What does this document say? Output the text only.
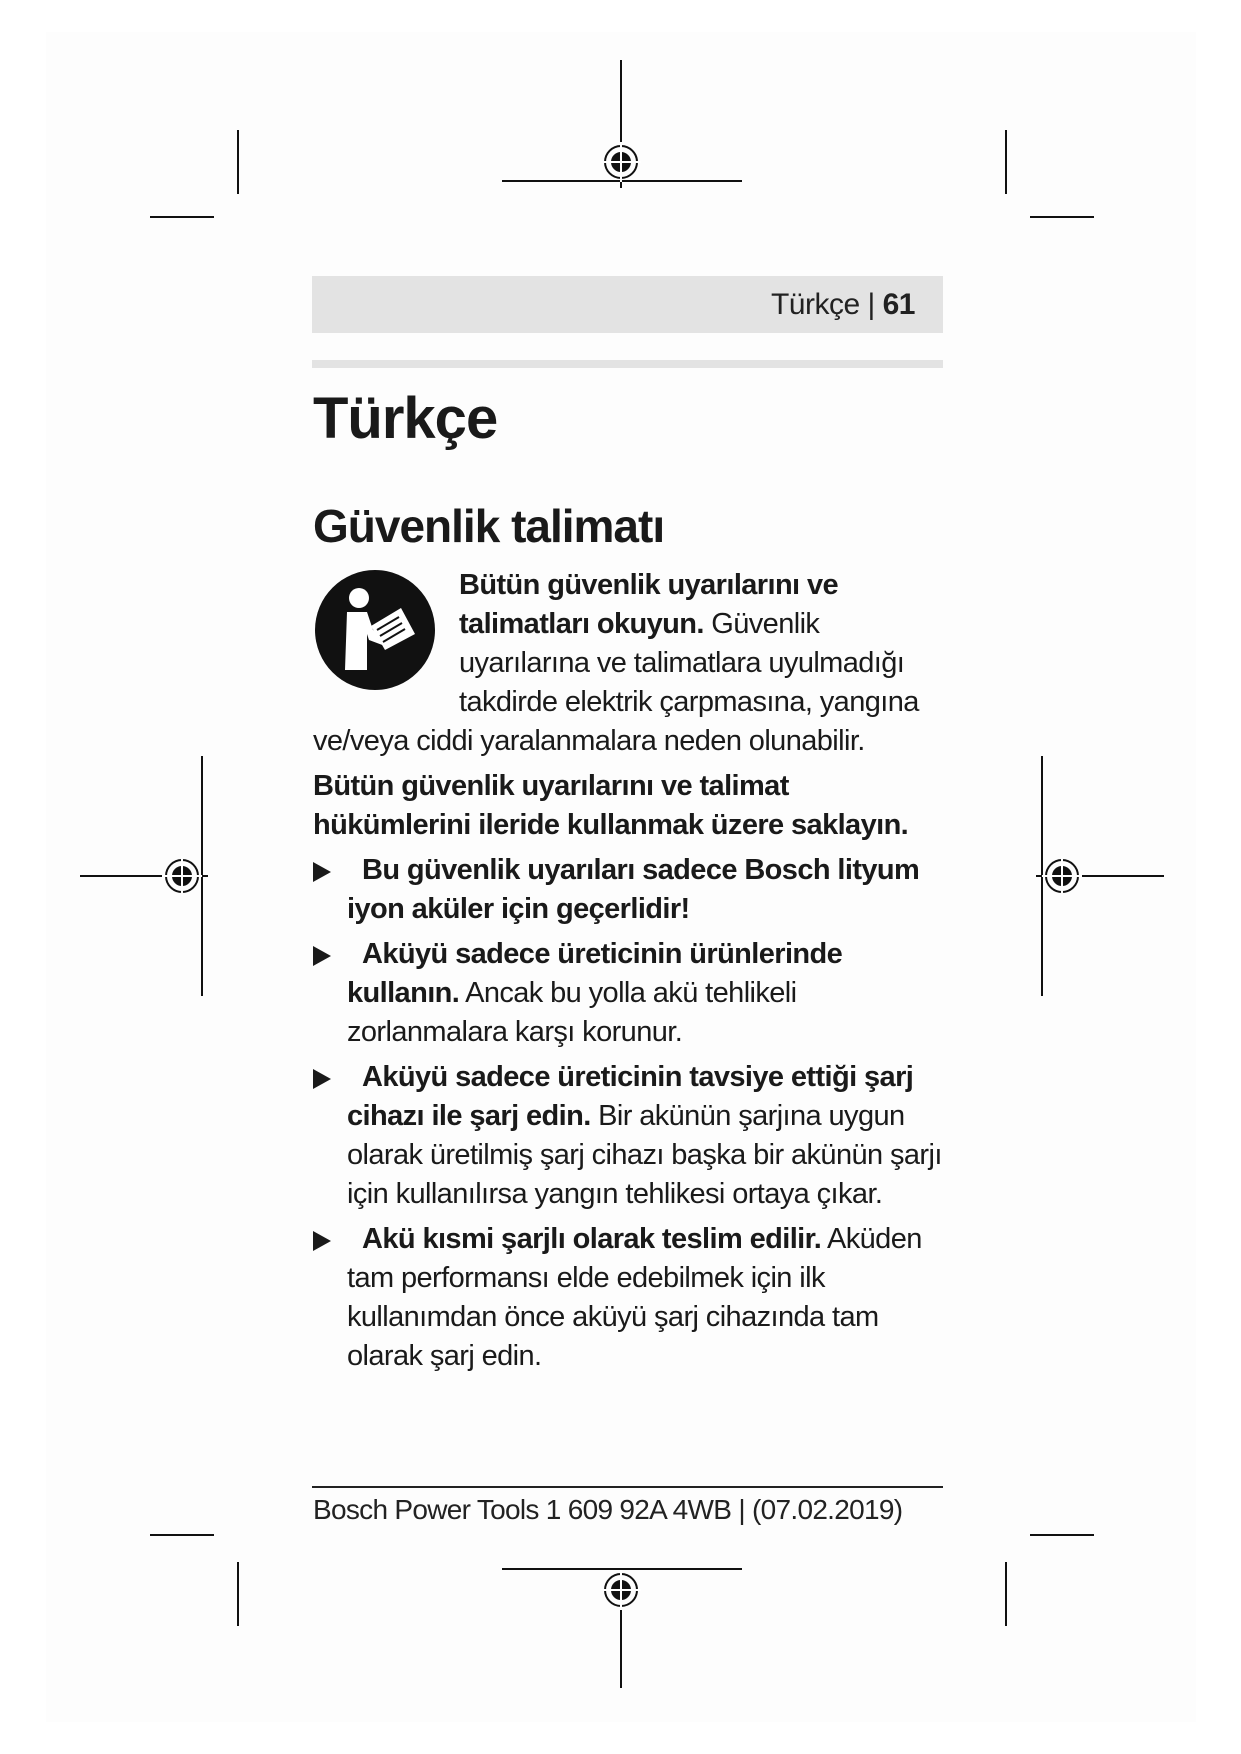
Türkçe | 61
Türkçe
Güvenlik talimatı
Bütün güvenlik uyarılarını ve talimatları okuyun. Güvenlik uyarılarına ve talimatlara uyulmadığı takdirde elektrik çarpmasına, yangına ve/veya ciddi yaralanmalara neden olunabilir.
Bütün güvenlik uyarılarını ve talimat hükümlerini ileride kullanmak üzere saklayın.
Bu güvenlik uyarıları sadece Bosch lityum iyon aküler için geçerlidir!
Aküyü sadece üreticinin ürünlerinde kullanın. Ancak bu yolla akü tehlikeli zorlanmalara karşı korunur.
Aküyü sadece üreticinin tavsiye ettiği şarj cihazı ile şarj edin. Bir akünün şarjına uygun olarak üretilmiş şarj cihazı başka bir akünün şarjı için kullanılırsa yangın tehlikesi ortaya çıkar.
Akü kısmi şarjlı olarak teslim edilir. Aküden tam performansı elde edebilmek için ilk kullanımdan önce aküyü şarj cihazında tam olarak şarj edin.
Bosch Power Tools 1 609 92A 4WB | (07.02.2019)
